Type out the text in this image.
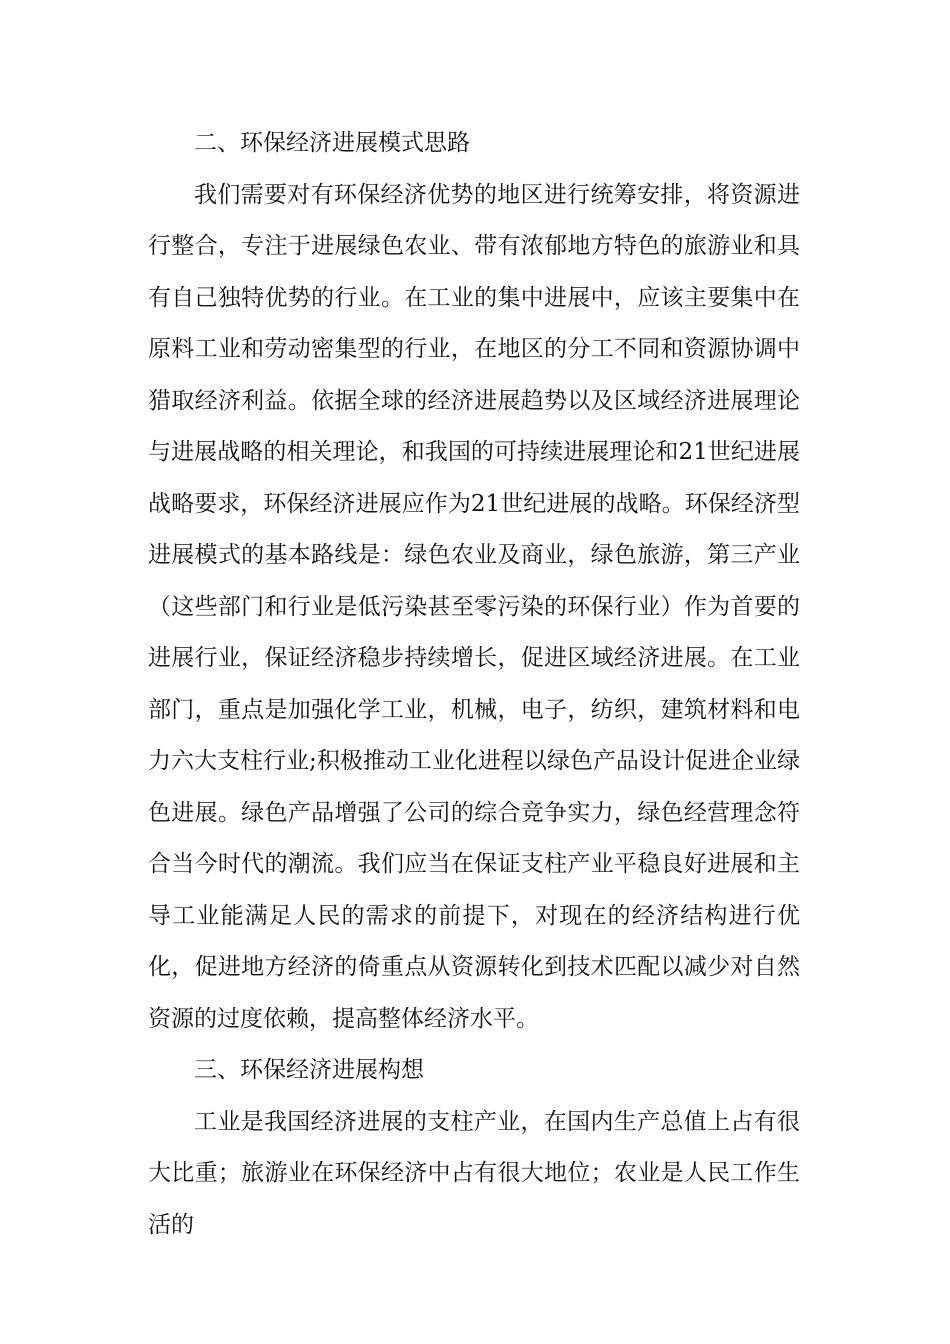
二、环保经济进展模式思路

我们需要对有环保经济优势的地区进行统筹安排，将资源进行整合，专注于进展绿色农业、带有浓郁地方特色的旅游业和具有自己独特优势的行业。在工业的集中进展中，应该主要集中在原料工业和劳动密集型的行业，在地区的分工不同和资源协调中猎取经济利益。依据全球的经济进展趋势以及区域经济进展理论与进展战略的相关理论，和我国的可持续进展理论和21世纪进展战略要求，环保经济进展应作为21世纪进展的战略。环保经济型进展模式的基本路线是：绿色农业及商业，绿色旅游，第三产业（这些部门和行业是低污染甚至零污染的环保行业）作为首要的进展行业，保证经济稳步持续增长，促进区域经济进展。在工业部门，重点是加强化学工业，机械，电子，纺织，建筑材料和电力六大支柱行业;积极推动工业化进程以绿色产品设计促进企业绿色进展。绿色产品增强了公司的综合竞争实力，绿色经营理念符合当今时代的潮流。我们应当在保证支柱产业平稳良好进展和主导工业能满足人民的需求的前提下，对现在的经济结构进行优化，促进地方经济的倚重点从资源转化到技术匹配以减少对自然资源的过度依赖，提高整体经济水平。

三、环保经济进展构想

工业是我国经济进展的支柱产业，在国内生产总值上占有很大比重；旅游业在环保经济中占有很大地位；农业是人民工作生活的
